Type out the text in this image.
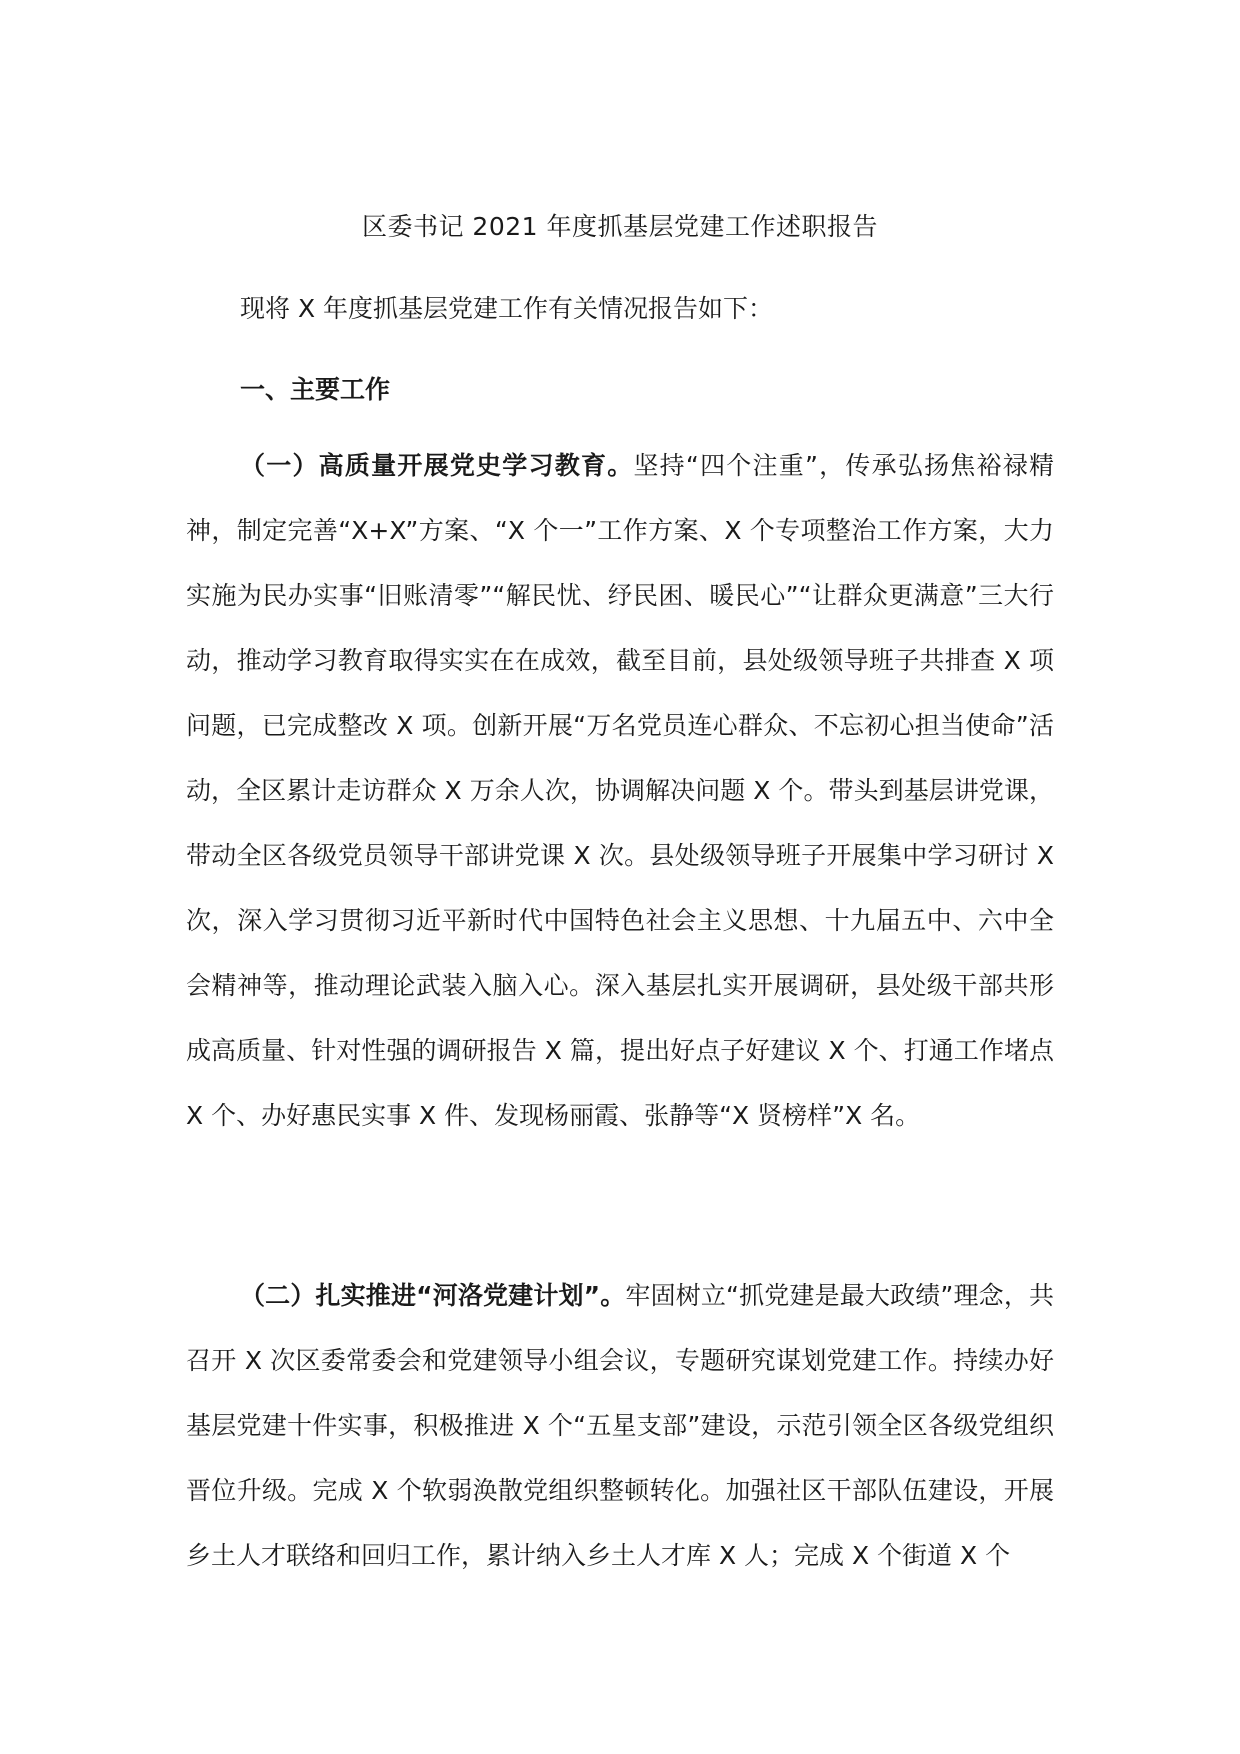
区委书记 2021 年度抓基层党建工作述职报告
现将 X 年度抓基层党建工作有关情况报告如下：
一、主要工作

（一）高质量开展党史学习教育。坚持“四个注重”，传承弘扬焦裕禄精神，制定完善“X+X”方案、“X 个一”工作方案、X 个专项整治工作方案，大力实施为民办实事“旧账清零”“解民忧、纾民困、暖民心”“让群众更满意”三大行动，推动学习教育取得实实在在成效，截至目前，县处级领导班子共排查 X 项问题，已完成整改 X 项。创新开展“万名党员连心群众、不忘初心担当使命”活动，全区累计走访群众 X 万余人次，协调解决问题 X 个。带头到基层讲党课，带动全区各级党员领导干部讲党课 X 次。县处级领导班子开展集中学习研讨 X 次，深入学习贯彻习近平新时代中国特色社会主义思想、十九届五中、六中全会精神等，推动理论武装入脑入心。深入基层扎实开展调研，县处级干部共形成高质量、针对性强的调研报告 X 篇，提出好点子好建议 X 个、打通工作堵点 X 个、办好惠民实事 X 件、发现杨丽霞、张静等“X 贤榜样”X 名。

（二）扎实推进“河洛党建计划”。牢固树立“抓党建是最大政绩”理念，共召开 X 次区委常委会和党建领导小组会议，专题研究谋划党建工作。持续办好基层党建十件实事，积极推进 X 个“五星支部”建设，示范引领全区各级党组织晋位升级。完成 X 个软弱涣散党组织整顿转化。加强社区干部队伍建设，开展乡土人才联络和回归工作，累计纳入乡土人才库 X 人；完成 X 个街道 X 个
